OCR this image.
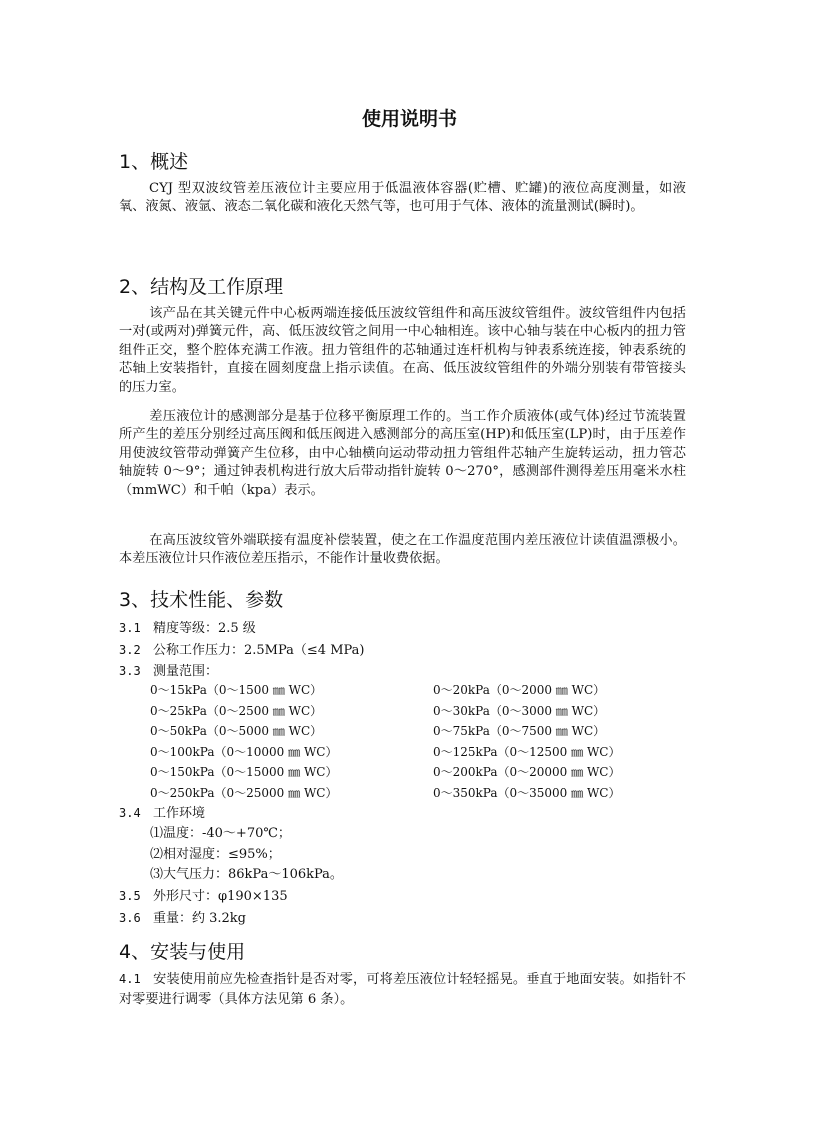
使用说明书
1、概述
CYJ 型双波纹管差压液位计主要应用于低温液体容器(贮槽、贮罐)的液位高度测量，如液氧、液氮、液氩、液态二氧化碳和液化天然气等，也可用于气体、液体的流量测试(瞬时)。
2、结构及工作原理
该产品在其关键元件中心板两端连接低压波纹管组件和高压波纹管组件。波纹管组件内包括一对(或两对)弹簧元件，高、低压波纹管之间用一中心轴相连。该中心轴与装在中心板内的扭力管组件正交，整个腔体充满工作液。扭力管组件的芯轴通过连杆机构与钟表系统连接，钟表系统的芯轴上安装指针，直接在圆刻度盘上指示读值。在高、低压波纹管组件的外端分别装有带管接头的压力室。
差压液位计的感测部分是基于位移平衡原理工作的。当工作介质液体(或气体)经过节流装置所产生的差压分别经过高压阀和低压阀进入感测部分的高压室(HP)和低压室(LP)时，由于压差作用使波纹管带动弹簧产生位移，由中心轴横向运动带动扭力管组件芯轴产生旋转运动，扭力管芯轴旋转 0～9°；通过钟表机构进行放大后带动指针旋转 0～270°，感测部件测得差压用毫米水柱（mmWC）和千帕（kpa）表示。
在高压波纹管外端联接有温度补偿装置，使之在工作温度范围内差压液位计读值温漂极小。本差压液位计只作液位差压指示，不能作计量收费依据。
3、技术性能、参数
3.1 精度等级：2.5 级
3.2 公称工作压力：2.5MPa（≤4 MPa)
3.3 测量范围：
0～15kPa（0～1500 ㎜ WC）	0～20kPa（0～2000 ㎜ WC）
0～25kPa（0～2500 ㎜ WC）	0～30kPa（0～3000 ㎜ WC）
0～50kPa（0～5000 ㎜ WC）	0～75kPa（0～7500 ㎜ WC）
0～100kPa（0～10000 ㎜ WC）	0～125kPa（0～12500 ㎜ WC）
0～150kPa（0～15000 ㎜ WC）	0～200kPa（0～20000 ㎜ WC）
0～250kPa（0～25000 ㎜ WC）	0～350kPa（0～35000 ㎜ WC）
3.4 工作环境
⑴温度：-40～+70℃；
⑵相对湿度：≤95%；
⑶大气压力：86kPa～106kPa。
3.5 外形尺寸：φ190×135
3.6 重量：约 3.2kg
4、安装与使用
4.1 安装使用前应先检查指针是否对零，可将差压液位计轻轻摇晃。垂直于地面安装。如指针不对零要进行调零（具体方法见第 6 条）。
